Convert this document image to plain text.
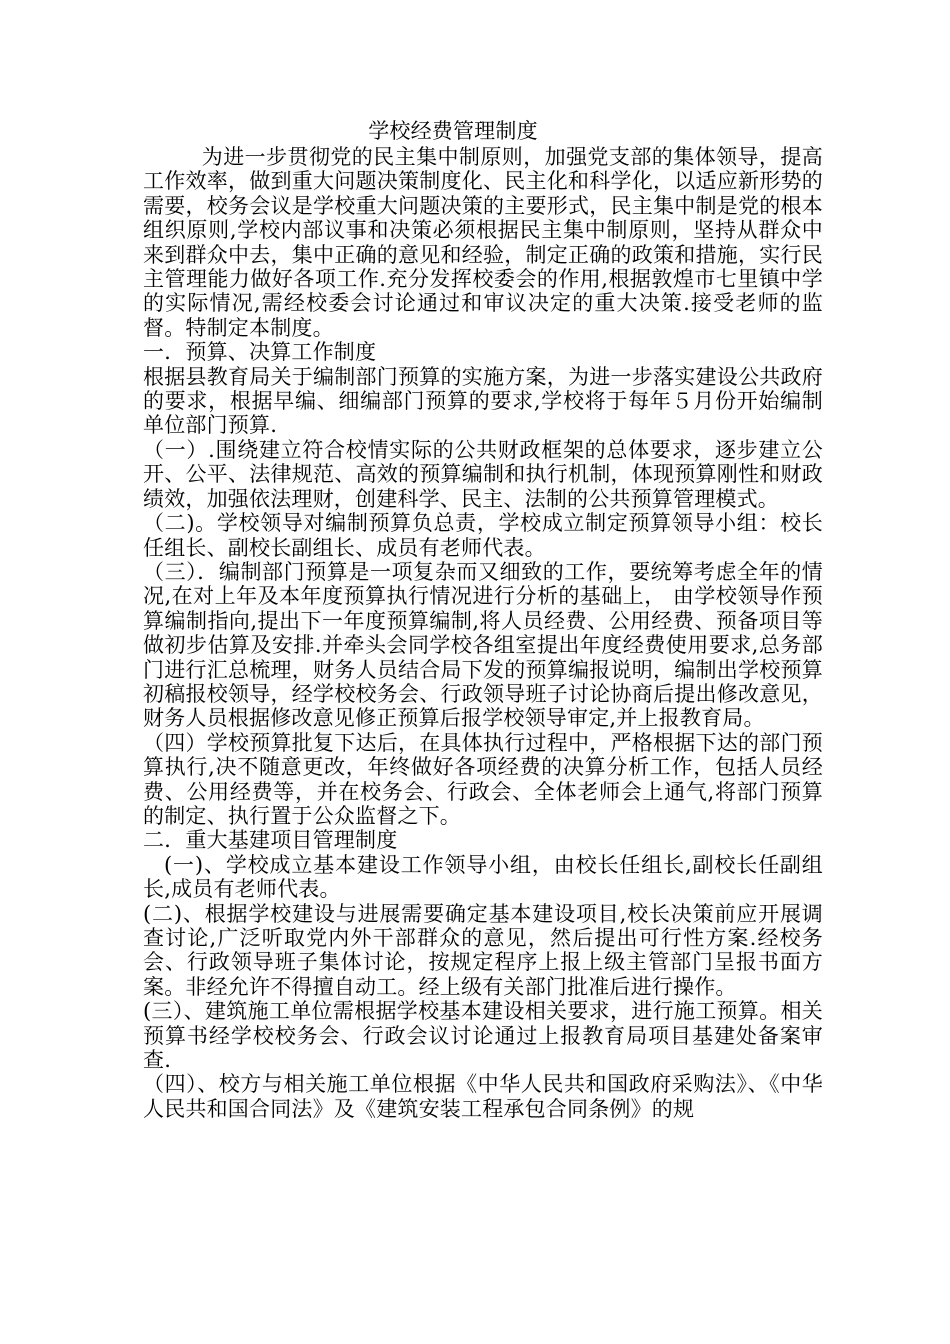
学校经费管理制度

为进一步贯彻党的民主集中制原则，加强党支部的集体领导，提高工作效率，做到重大问题决策制度化、民主化和科学化，以适应新形势的需要，校务会议是学校重大问题决策的主要形式，民主集中制是党的根本组织原则,学校内部议事和决策必须根据民主集中制原则，坚持从群众中来到群众中去，集中正确的意见和经验，制定正确的政策和措施，实行民主管理能力做好各项工作.充分发挥校委会的作用,根据敦煌市七里镇中学的实际情况,需经校委会讨论通过和审议决定的重大决策.接受老师的监督。特制定本制度。

一．预算、决算工作制度

根据县教育局关于编制部门预算的实施方案，为进一步落实建设公共政府的要求，根据早编、细编部门预算的要求,学校将于每年５月份开始编制单位部门预算.

（一）.围绕建立符合校情实际的公共财政框架的总体要求，逐步建立公开、公平、法律规范、高效的预算编制和执行机制，体现预算刚性和财政绩效，加强依法理财，创建科学、民主、法制的公共预算管理模式。

（二)。学校领导对编制预算负总责，学校成立制定预算领导小组：校长任组长、副校长副组长、成员有老师代表。

（三）．编制部门预算是一项复杂而又细致的工作，要统筹考虑全年的情况,在对上年及本年度预算执行情况进行分析的基础上， 由学校领导作预算编制指向,提出下一年度预算编制,将人员经费、公用经费、预备项目等做初步估算及安排.并牵头会同学校各组室提出年度经费使用要求,总务部门进行汇总梳理，财务人员结合局下发的预算编报说明，编制出学校预算初稿报校领导，经学校校务会、行政领导班子讨论协商后提出修改意见，财务人员根据修改意见修正预算后报学校领导审定,并上报教育局。

（四）学校预算批复下达后，在具体执行过程中，严格根据下达的部门预算执行,决不随意更改，年终做好各项经费的决算分析工作，包括人员经费、公用经费等，并在校务会、行政会、全体老师会上通气,将部门预算的制定、执行置于公众监督之下。

二．重大基建项目管理制度

(一)、学校成立基本建设工作领导小组，由校长任组长,副校长任副组长,成员有老师代表。

(二)、根据学校建设与进展需要确定基本建设项目,校长决策前应开展调查讨论,广泛听取党内外干部群众的意见，然后提出可行性方案.经校务会、行政领导班子集体讨论，按规定程序上报上级主管部门呈报书面方案。非经允许不得擅自动工。经上级有关部门批准后进行操作。

(三）、建筑施工单位需根据学校基本建设相关要求，进行施工预算。相关预算书经学校校务会、行政会议讨论通过上报教育局项目基建处备案审查.

（四）、校方与相关施工单位根据《中华人民共和国政府采购法》、《中华人民共和国合同法》及《建筑安装工程承包合同条例》的规
